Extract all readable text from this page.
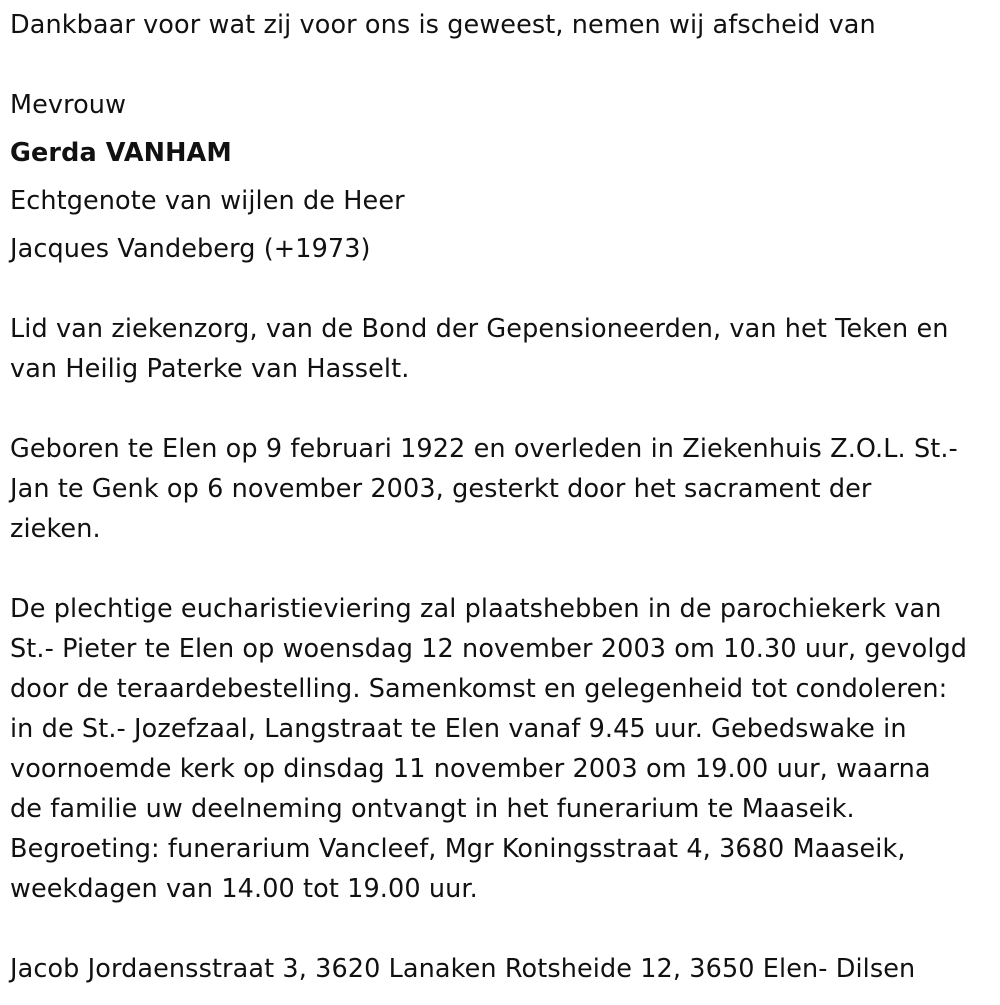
Dankbaar voor wat zij voor ons is geweest, nemen wij afscheid van
Mevrouw
Gerda VANHAM
Echtgenote van wijlen de Heer
Jacques Vandeberg (+1973)
Lid van ziekenzorg, van de Bond der Gepensioneerden, van het Teken en
van Heilig Paterke van Hasselt.
Geboren te Elen op 9 februari 1922 en overleden in Ziekenhuis Z.O.L. St.-
Jan te Genk op 6 november 2003, gesterkt door het sacrament der
zieken.
De plechtige eucharistieviering zal plaatshebben in de parochiekerk van
St.- Pieter te Elen op woensdag 12 november 2003 om 10.30 uur, gevolgd
door de teraardebestelling. Samenkomst en gelegenheid tot condoleren:
in de St.- Jozefzaal, Langstraat te Elen vanaf 9.45 uur. Gebedswake in
voornoemde kerk op dinsdag 11 november 2003 om 19.00 uur, waarna
de familie uw deelneming ontvangt in het funerarium te Maaseik.
Begroeting: funerarium Vancleef, Mgr Koningsstraat 4, 3680 Maaseik,
weekdagen van 14.00 tot 19.00 uur.
Jacob Jordaensstraat 3, 3620 Lanaken Rotsheide 12, 3650 Elen- Dilsen
